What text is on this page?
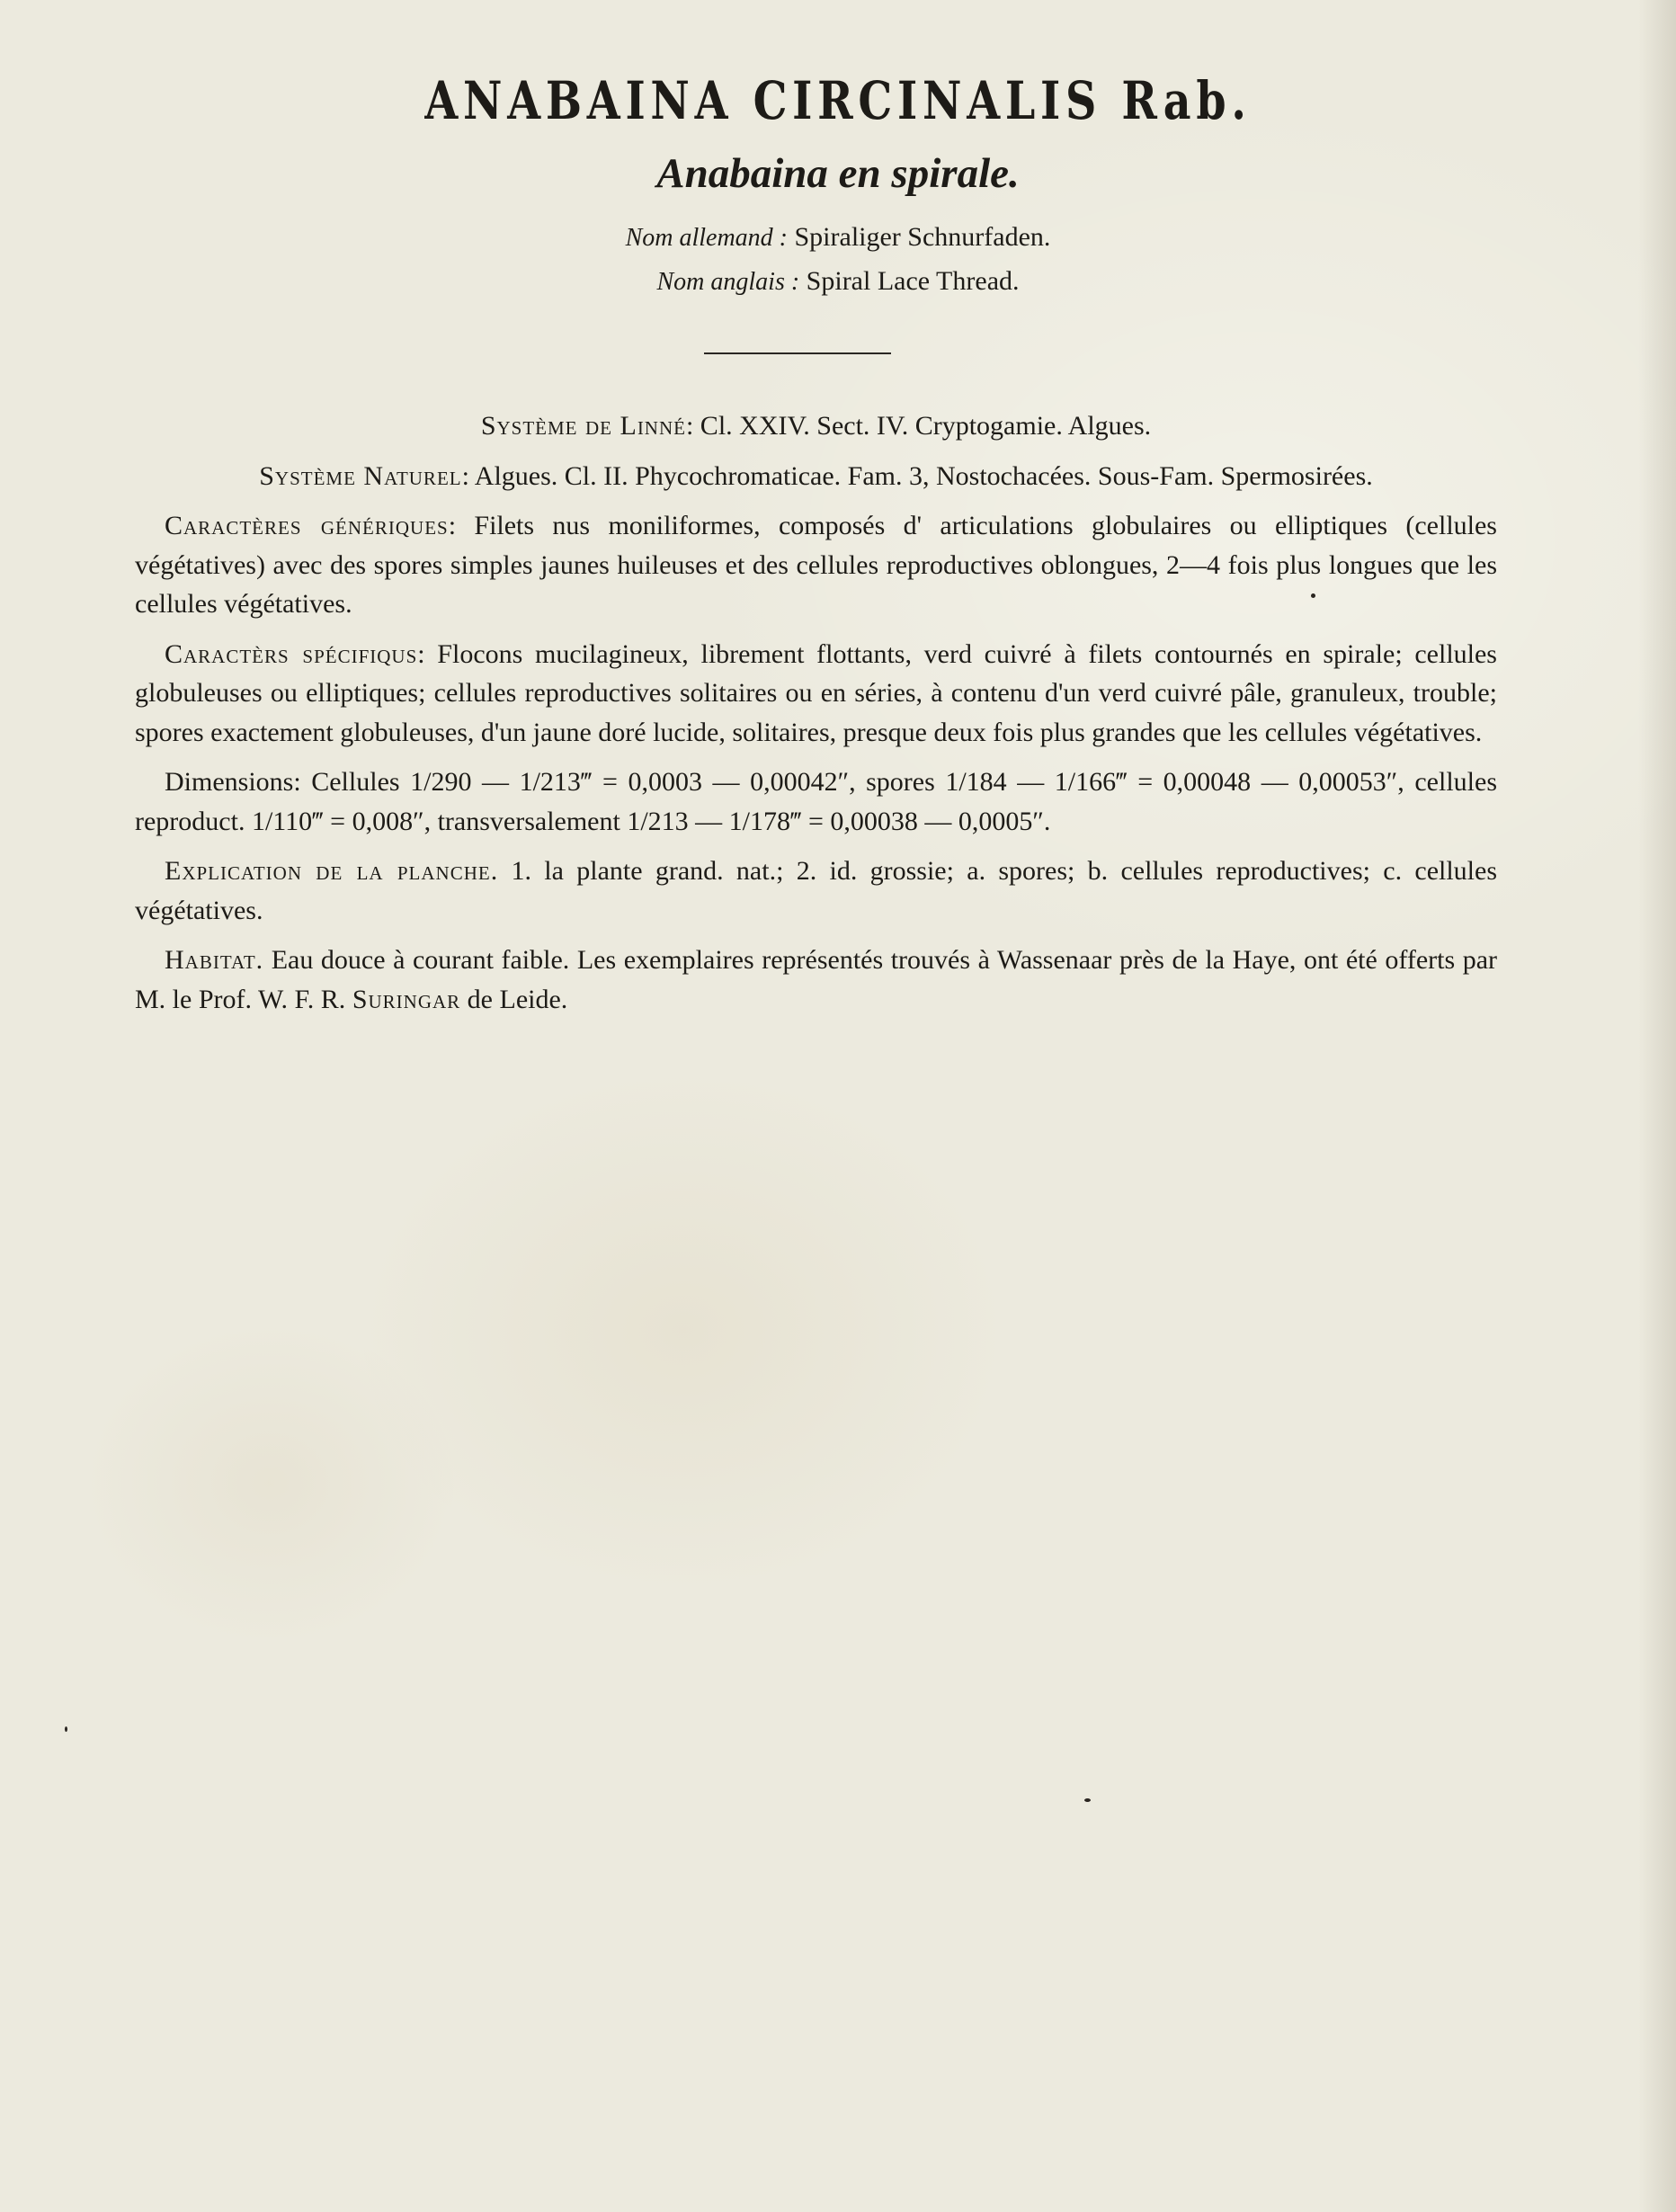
ANABAINA CIRCINALIS Rab.
Anabaina en spirale.
Nom allemand : Spiraliger Schnurfaden.
Nom anglais : Spiral Lace Thread.

Système de Linné: Cl. XXIV. Sect. IV. Cryptogamie. Algues.

Système Naturel: Algues. Cl. II. Phycochromaticae. Fam. 3, Nostochacées. Sous-Fam. Spermosirées.

Caractères génériques: Filets nus moniliformes, composés d' articulations globulaires ou elliptiques (cellules végétatives) avec des spores simples jaunes huileuses et des cellules reproductives oblongues, 2—4 fois plus longues que les cellules végétatives.

Caractèrs spécifiqus: Flocons mucilagineux, librement flottants, verd cuivré à filets contournés en spirale; cellules globuleuses ou elliptiques; cellules reproductives solitaires ou en séries, à contenu d'un verd cuivré pâle, granuleux, trouble; spores exactement globuleuses, d'un jaune doré lucide, solitaires, presque deux fois plus grandes que les cellules végétatives.

Dimensions: Cellules 1/290 — 1/213‴ = 0,0003 — 0,00042″, spores 1/184 — 1/166‴ = 0,00048 — 0,00053″, cellules reproduct. 1/110‴ = 0,008″, transversalement 1/213 — 1/178‴ = 0,00038 — 0,0005″.

Explication de la planche. 1. la plante grand. nat.; 2. id. grossie; a. spores; b. cellules reproductives; c. cellules végétatives.

Habitat. Eau douce à courant faible. Les exemplaires représentés trouvés à Wassenaar près de la Haye, ont été offerts par M. le Prof. W. F. R. Suringar de Leide.
